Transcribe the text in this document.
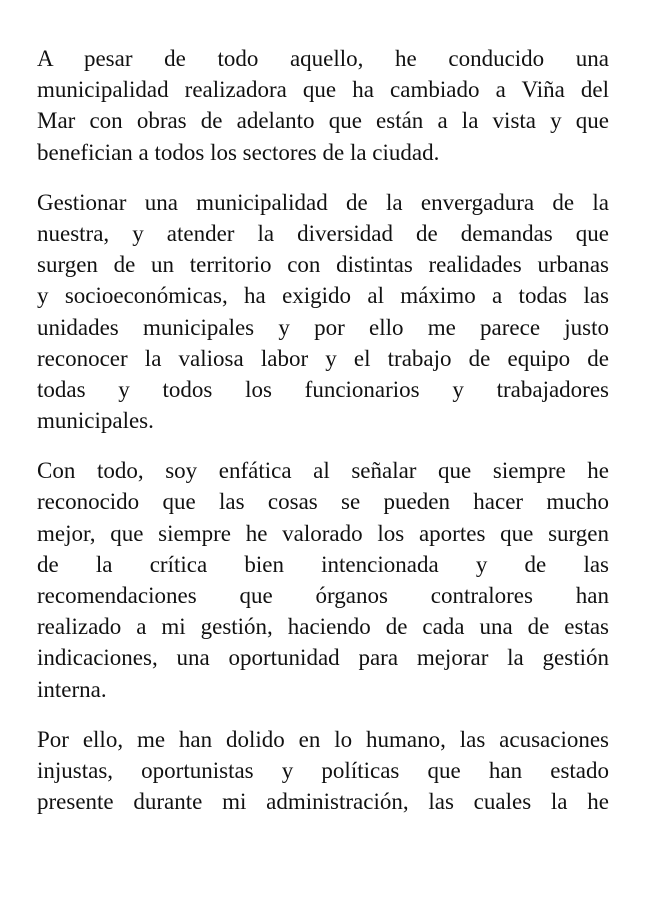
A pesar de todo aquello, he conducido una
municipalidad realizadora que ha cambiado a Viña del
Mar con obras de adelanto que están a la vista y que
benefician a todos los sectores de la ciudad.
Gestionar una municipalidad de la envergadura de la
nuestra, y atender la diversidad de demandas que
surgen de un territorio con distintas realidades urbanas
y socioeconómicas, ha exigido al máximo a todas las
unidades municipales y por ello me parece justo
reconocer la valiosa labor y el trabajo de equipo de
todas y todos los funcionarios y trabajadores
municipales.
Con todo, soy enfática al señalar que siempre he
reconocido que las cosas se pueden hacer mucho
mejor, que siempre he valorado los aportes que surgen
de la crítica bien intencionada y de las
recomendaciones que órganos contralores han
realizado a mi gestión, haciendo de cada una de estas
indicaciones, una oportunidad para mejorar la gestión
interna.
Por ello, me han dolido en lo humano, las acusaciones
injustas, oportunistas y políticas que han estado
presente durante mi administración, las cuales la he
